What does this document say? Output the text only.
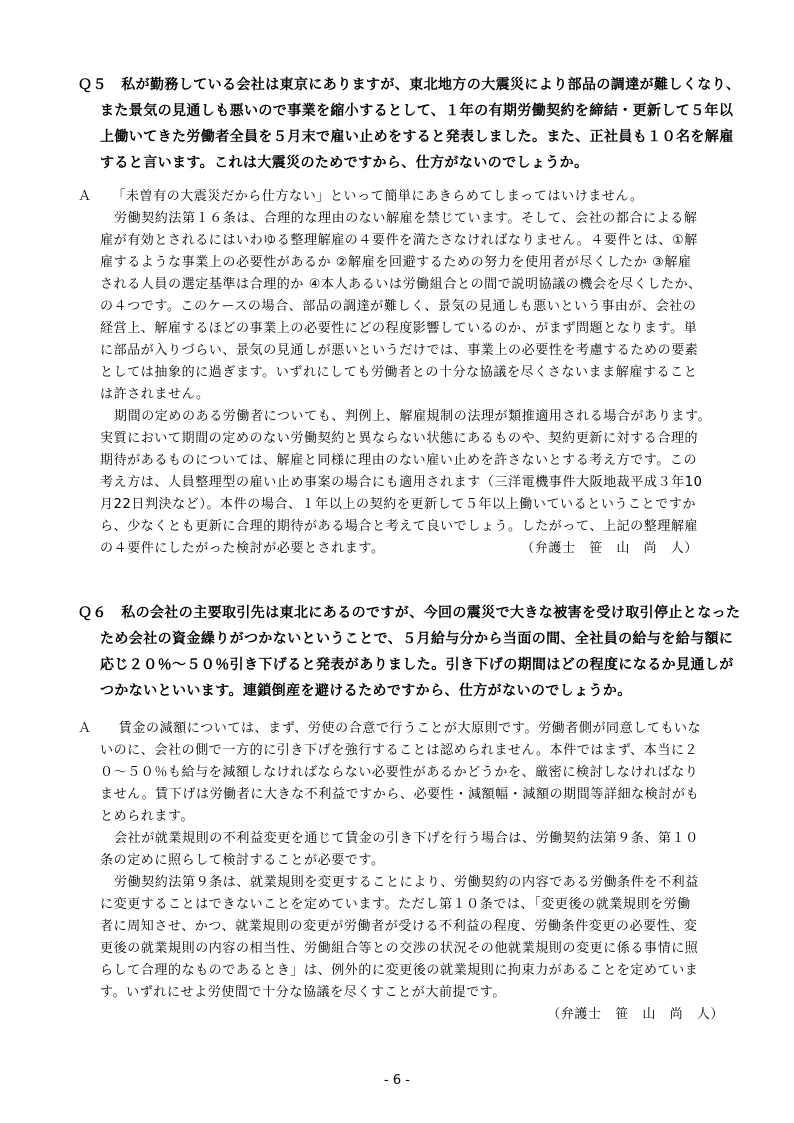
Ｑ５　私が勤務している会社は東京にありますが、東北地方の大震災により部品の調達が難しくなり、
また景気の見通しも悪いので事業を縮小するとして、１年の有期労働契約を締結・更新して５年以
上働いてきた労働者全員を５月末で雇い止めをすると発表しました。また、正社員も１０名を解雇
すると言います。これは大震災のためですから、仕方がないのでしょうか。
Ａ　　「未曽有の大震災だから仕方ない」といって簡単にあきらめてしまってはいけません。
労働契約法第１６条は、合理的な理由のない解雇を禁じています。そして、会社の都合による解
雇が有効とされるにはいわゆる整理解雇の４要件を満たさなければなりません。４要件とは、①解
雇するような事業上の必要性があるか ②解雇を回避するための努力を使用者が尽くしたか ③解雇
される人員の選定基準は合理的か ④本人あるいは労働組合との間で説明協議の機会を尽くしたか、
の４つです。このケースの場合、部品の調達が難しく、景気の見通しも悪いという事由が、会社の
経営上、解雇するほどの事業上の必要性にどの程度影響しているのか、がまず問題となります。単
に部品が入りづらい、景気の見通しが悪いというだけでは、事業上の必要性を考慮するための要素
としては抽象的に過ぎます。いずれにしても労働者との十分な協議を尽くさないまま解雇すること
は許されません。
期間の定めのある労働者についても、判例上、解雇規制の法理が類推適用される場合があります。
実質において期間の定めのない労働契約と異ならない状態にあるものや、契約更新に対する合理的
期待があるものについては、解雇と同様に理由のない雇い止めを許さないとする考え方です。この
考え方は、人員整理型の雇い止め事案の場合にも適用されます（三洋電機事件大阪地裁平成３年10
月22日判決など）。本件の場合、１年以上の契約を更新して５年以上働いているということですか
ら、少なくとも更新に合理的期待がある場合と考えて良いでしょう。したがって、上記の整理解雇
の４要件にしたがった検討が必要とされます。　　　　　　　　　　　（弁護士　笹　山　尚　人）
Ｑ６　私の会社の主要取引先は東北にあるのですが、今回の震災で大きな被害を受け取引停止となった
ため会社の資金繰りがつかないということで、５月給与分から当面の間、全社員の給与を給与額に
応じ２０％～５０％引き下げると発表がありました。引き下げの期間はどの程度になるか見通しが
つかないといいます。連鎖倒産を避けるためですから、仕方がないのでしょうか。
Ａ　　賃金の減額については、まず、労使の合意で行うことが大原則です。労働者側が同意してもいな
いのに、会社の側で一方的に引き下げを強行することは認められません。本件ではまず、本当に２
０～５０％も給与を減額しなければならない必要性があるかどうかを、厳密に検討しなければなり
ません。賃下げは労働者に大きな不利益ですから、必要性・減額幅・減額の期間等詳細な検討がも
とめられます。
会社が就業規則の不利益変更を通じて賃金の引き下げを行う場合は、労働契約法第９条、第１０
条の定めに照らして検討することが必要です。
労働契約法第９条は、就業規則を変更することにより、労働契約の内容である労働条件を不利益
に変更することはできないことを定めています。ただし第１０条では、「変更後の就業規則を労働
者に周知させ、かつ、就業規則の変更が労働者が受ける不利益の程度、労働条件変更の必要性、変
更後の就業規則の内容の相当性、労働組合等との交渉の状況その他就業規則の変更に係る事情に照
らして合理的なものであるとき」は、例外的に変更後の就業規則に拘束力があることを定めていま
す。いずれにせよ労使間で十分な協議を尽くすことが大前提です。
（弁護士　笹　山　尚　人）
- 6 -
